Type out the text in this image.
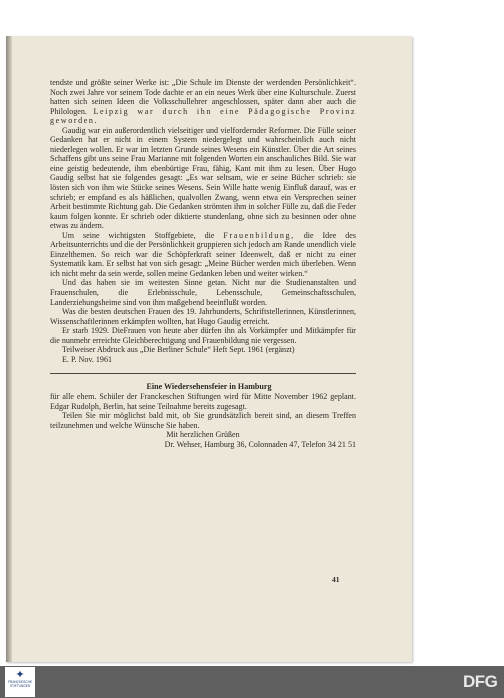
tendste und größte seiner Werke ist: „Die Schule im Dienste der werdenden Persönlichkeit“. Noch zwei Jahre vor seinem Tode dachte er an ein neues Werk über eine Kulturschule. Zuerst hatten sich seinen Ideen die Volksschullehrer angeschlossen, später dann aber auch die Philologen. Leipzig war durch ihn eine Pädagogische Provinz geworden.

Gaudig war ein außerordentlich vielseitiger und vielfordernder Reformer. Die Fülle seiner Gedanken hat er nicht in einem System niedergelegt und wahrscheinlich auch nicht niederlegen wollen. Er war im letzten Grunde seines Wesens ein Künstler. Über die Art seines Schaffens gibt uns seine Frau Marianne mit folgenden Worten ein anschauliches Bild. Sie war eine geistig bedeutende, ihm ebenbürtige Frau, fähig, Kant mit ihm zu lesen. Über Hugo Gaudig selbst hat sie folgendes gesagt: „Es war seltsam, wie er seine Bücher schrieb: sie lösten sich von ihm wie Stücke seines Wesens. Sein Wille hatte wenig Einfluß darauf, was er schrieb; er empfand es als häßlichen, qualvollen Zwang, wenn etwa ein Versprechen seiner Arbeit bestimmte Richtung gab. Die Gedanken strömten ihm in solcher Fülle zu, daß die Feder kaum folgen konnte. Er schrieb oder diktierte stundenlang, ohne sich zu besinnen oder ohne etwas zu ändern.

Um seine wichtigsten Stoffgebiete, die Frauenbildung, die Idee des Arbeitsunterrichts und die der Persönlichkeit gruppieren sich jedoch am Rande unendlich viele Einzelthemen. So reich war die Schöpferkraft seiner Ideenwelt, daß er nicht zu einer Systematik kam. Er selbst hat von sich gesagt: „Meine Bücher werden mich überleben. Wenn ich nicht mehr da sein werde, sollen meine Gedanken leben und weiter wirken.“

Und das haben sie im weitesten Sinne getan. Nicht nur die Studienanstalten und Frauenschulen, die Erlebnisschule, Lebensschule, Gemeinschaftsschulen, Landerziehungsheime sind von ihm maßgebend beeinflußt worden.

Was die besten deutschen Frauen des 19. Jahrhunderts, Schriftstellerinnen, Künstlerinnen, Wissenschaftlerinnen erkämpfen wollten, hat Hugo Gaudig erreicht.

Er starb 1929. DieFrauen von heute aber dürfen ihn als Vorkämpfer und Mitkämpfer für die nunmehr erreichte Gleichberechtigung und Frauenbildung nie vergessen.

Teilweiser Abdruck aus „Die Berliner Schule“ Heft Sept. 1961 (ergänzt)

E. P. Nov. 1961

Eine Wiedersehensfeier in Hamburg

für alle ehem. Schüler der Franckeschen Stiftungen wird für Mitte November 1962 geplant. Edgar Rudolph, Berlin, hat seine Teilnahme bereits zugesagt.

Teilen Sie mir möglichst bald mit, ob Sie grundsätzlich bereit sind, an diesem Treffen teilzunehmen und welche Wünsche Sie haben.

Mit herzlichen Grüßen

Dr. Wehser, Hamburg 36, Colonnaden 47, Telefon 34 21 51

41
✦
FRANCKESCHE STIFTUNGEN	DFG
